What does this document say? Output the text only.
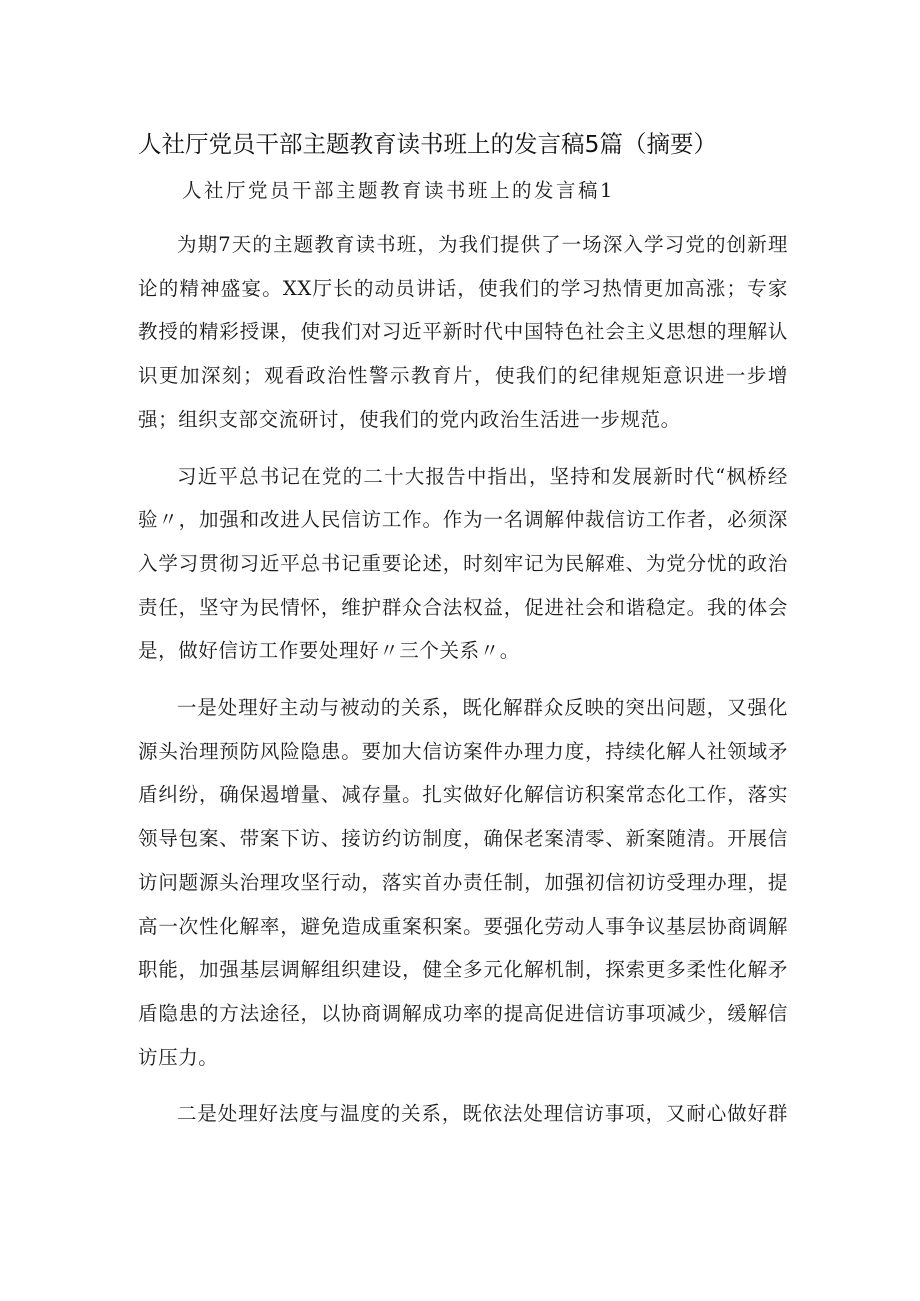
人社厅党员干部主题教育读书班上的发言稿5篇（摘要）

人社厅党员干部主题教育读书班上的发言稿1

为期7天的主题教育读书班，为我们提供了一场深入学习党的创新理论的精神盛宴。XX厅长的动员讲话，使我们的学习热情更加高涨；专家教授的精彩授课，使我们对习近平新时代中国特色社会主义思想的理解认识更加深刻；观看政治性警示教育片，使我们的纪律规矩意识进一步增强；组织支部交流研讨，使我们的党内政治生活进一步规范。

习近平总书记在党的二十大报告中指出，坚持和发展新时代“枫桥经验〃，加强和改进人民信访工作。作为一名调解仲裁信访工作者，必须深入学习贯彻习近平总书记重要论述，时刻牢记为民解难、为党分忧的政治责任，坚守为民情怀，维护群众合法权益，促进社会和谐稳定。我的体会是，做好信访工作要处理好〃三个关系〃。

一是处理好主动与被动的关系，既化解群众反映的突出问题，又强化源头治理预防风险隐患。要加大信访案件办理力度，持续化解人社领域矛盾纠纷，确保遏增量、减存量。扎实做好化解信访积案常态化工作，落实领导包案、带案下访、接访约访制度，确保老案清零、新案随清。开展信访问题源头治理攻坚行动，落实首办责任制，加强初信初访受理办理，提高一次性化解率，避免造成重案积案。要强化劳动人事争议基层协商调解职能，加强基层调解组织建设，健全多元化解机制，探索更多柔性化解矛盾隐患的方法途径，以协商调解成功率的提高促进信访事项减少，缓解信访压力。

二是处理好法度与温度的关系，既依法处理信访事项，又耐心做好群
